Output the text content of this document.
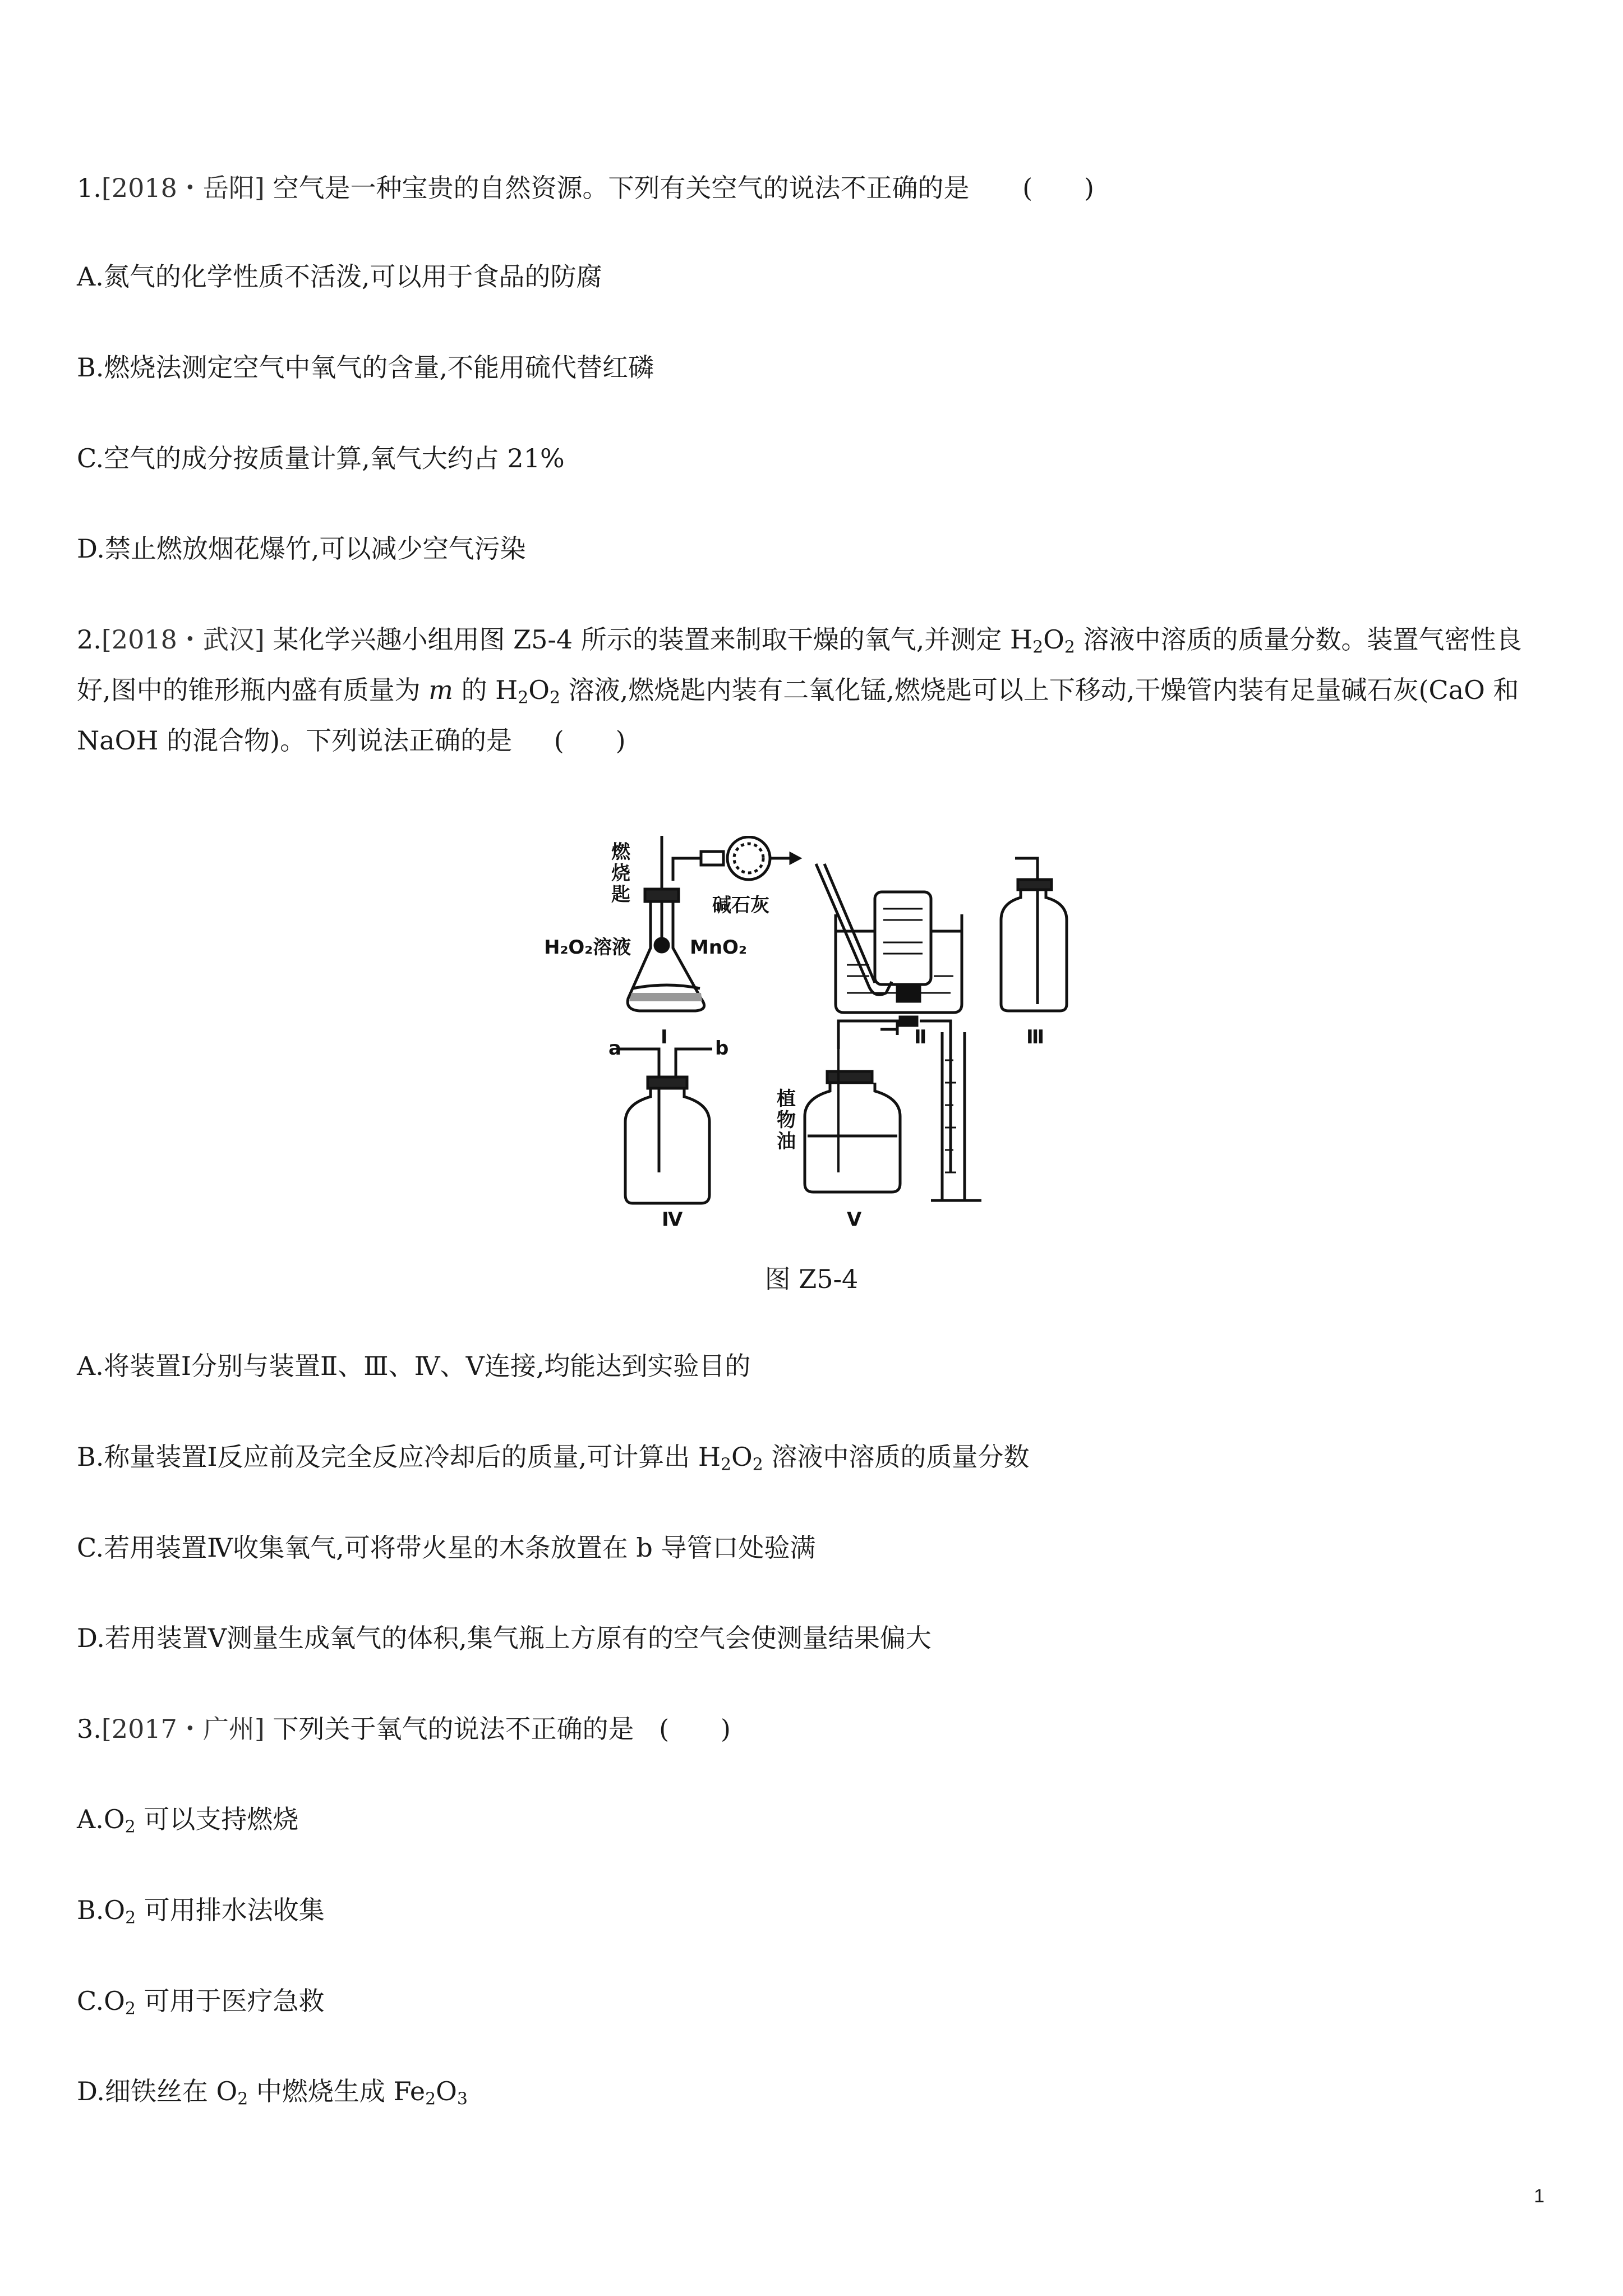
1.[2018・岳阳] 空气是一种宝贵的自然资源。下列有关空气的说法不正确的是 (　　)
A.氮气的化学性质不活泼,可以用于食品的防腐
B.燃烧法测定空气中氧气的含量,不能用硫代替红磷
C.空气的成分按质量计算,氧气大约占 21%
D.禁止燃放烟花爆竹,可以减少空气污染
2.[2018・武汉] 某化学兴趣小组用图 Z5-4 所示的装置来制取干燥的氧气,并测定 $H_2O_2$ 溶液中溶质的质量分数。装置气密性良好,图中的锥形瓶内盛有质量为 m 的 $H_2O_2$ 溶液,燃烧匙内装有二氧化锰,燃烧匙可以上下移动,干燥管内装有足量碱石灰(CaO 和 NaOH 的混合物)。下列说法正确的是 (　　)
燃
烧
匙	碱石灰
H₂O₂溶液	MnO₂
Ⅰ	Ⅱ	Ⅲ
a	b
Ⅳ
植
物
油
Ⅴ
图 Z5-4
A.将装置Ⅰ分别与装置Ⅱ、Ⅲ、Ⅳ、Ⅴ连接,均能达到实验目的
B.称量装置Ⅰ反应前及完全反应冷却后的质量,可计算出 $H_2O_2$ 溶液中溶质的质量分数
C.若用装置Ⅳ收集氧气,可将带火星的木条放置在 b 导管口处验满
D.若用装置Ⅴ测量生成氧气的体积,集气瓶上方原有的空气会使测量结果偏大
3.[2017・广州] 下列关于氧气的说法不正确的是 (　　)
$A.O_2$ 可以支持燃烧
$B.O_2$ 可用排水法收集
$C.O_2$ 可用于医疗急救
D.细铁丝在 $O_2$ 中燃烧生成 $Fe_2O_3$
1
